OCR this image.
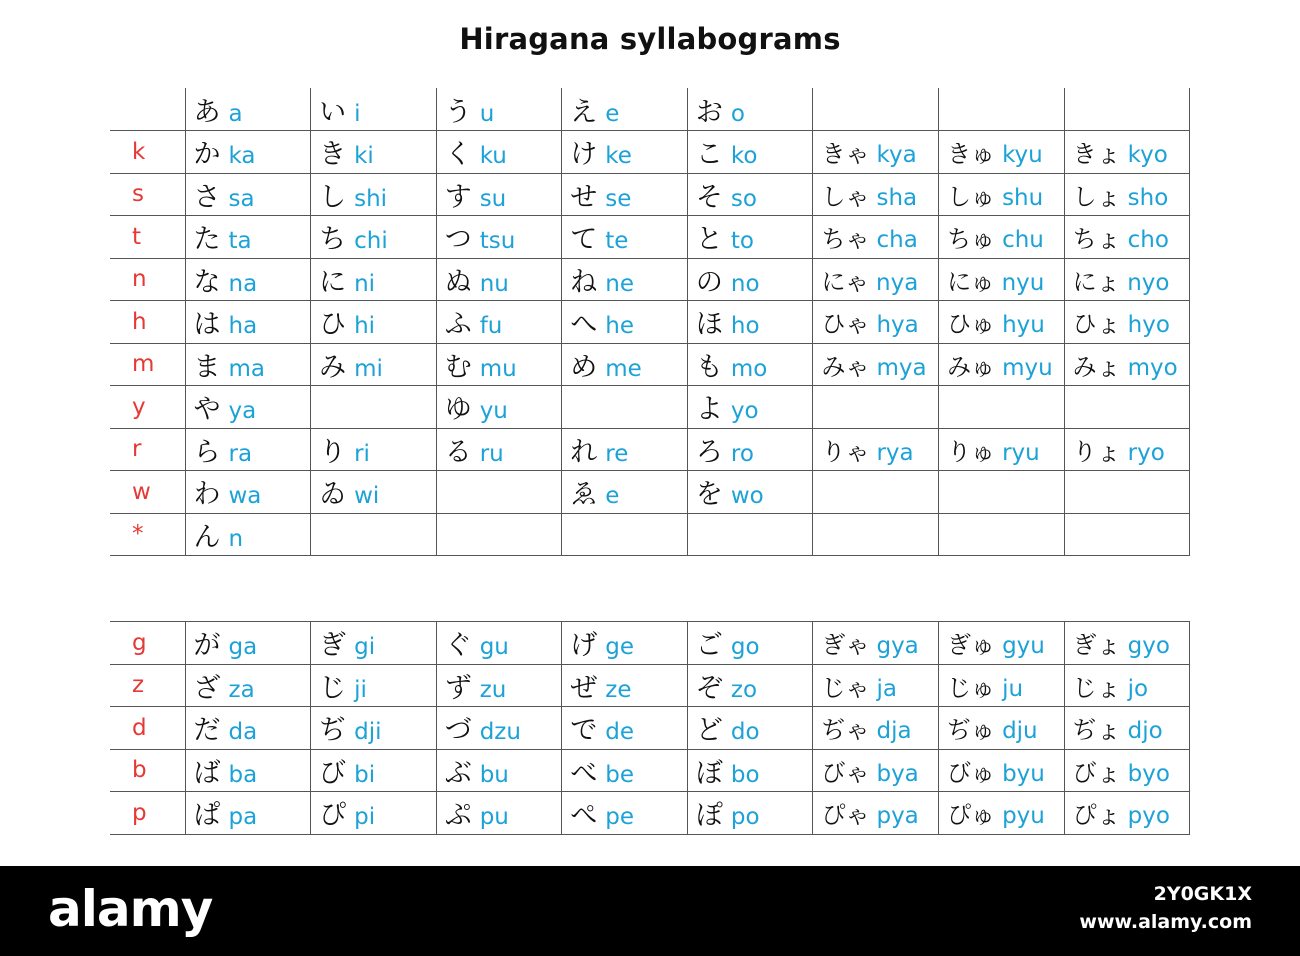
Hiragana syllabograms
	あ a	い i	う u	え e	お o			
k	か ka	き ki	く ku	け ke	こ ko	きゃ kya	きゅ kyu	きょ kyo
s	さ sa	し shi	す su	せ se	そ so	しゃ sha	しゅ shu	しょ sho
t	た ta	ち chi	つ tsu	て te	と to	ちゃ cha	ちゅ chu	ちょ cho
n	な na	に ni	ぬ nu	ね ne	の no	にゃ nya	にゅ nyu	にょ nyo
h	は ha	ひ hi	ふ fu	へ he	ほ ho	ひゃ hya	ひゅ hyu	ひょ hyo
m	ま ma	み mi	む mu	め me	も mo	みゃ mya	みゅ myu	みょ myo
y	や ya		ゆ yu		よ yo			
r	ら ra	り ri	る ru	れ re	ろ ro	りゃ rya	りゅ ryu	りょ ryo
w	わ wa	ゐ wi		ゑ e	を wo			
*	ん n							
g	が ga	ぎ gi	ぐ gu	げ ge	ご go	ぎゃ gya	ぎゅ gyu	ぎょ gyo
z	ざ za	じ ji	ず zu	ぜ ze	ぞ zo	じゃ ja	じゅ ju	じょ jo
d	だ da	ぢ dji	づ dzu	で de	ど do	ぢゃ dja	ぢゅ dju	ぢょ djo
b	ば ba	び bi	ぶ bu	べ be	ぼ bo	びゃ bya	びゅ byu	びょ byo
p	ぱ pa	ぴ pi	ぷ pu	ぺ pe	ぽ po	ぴゃ pya	ぴゅ pyu	ぴょ pyo
alamy	2Y0GK1X
www.alamy.com
